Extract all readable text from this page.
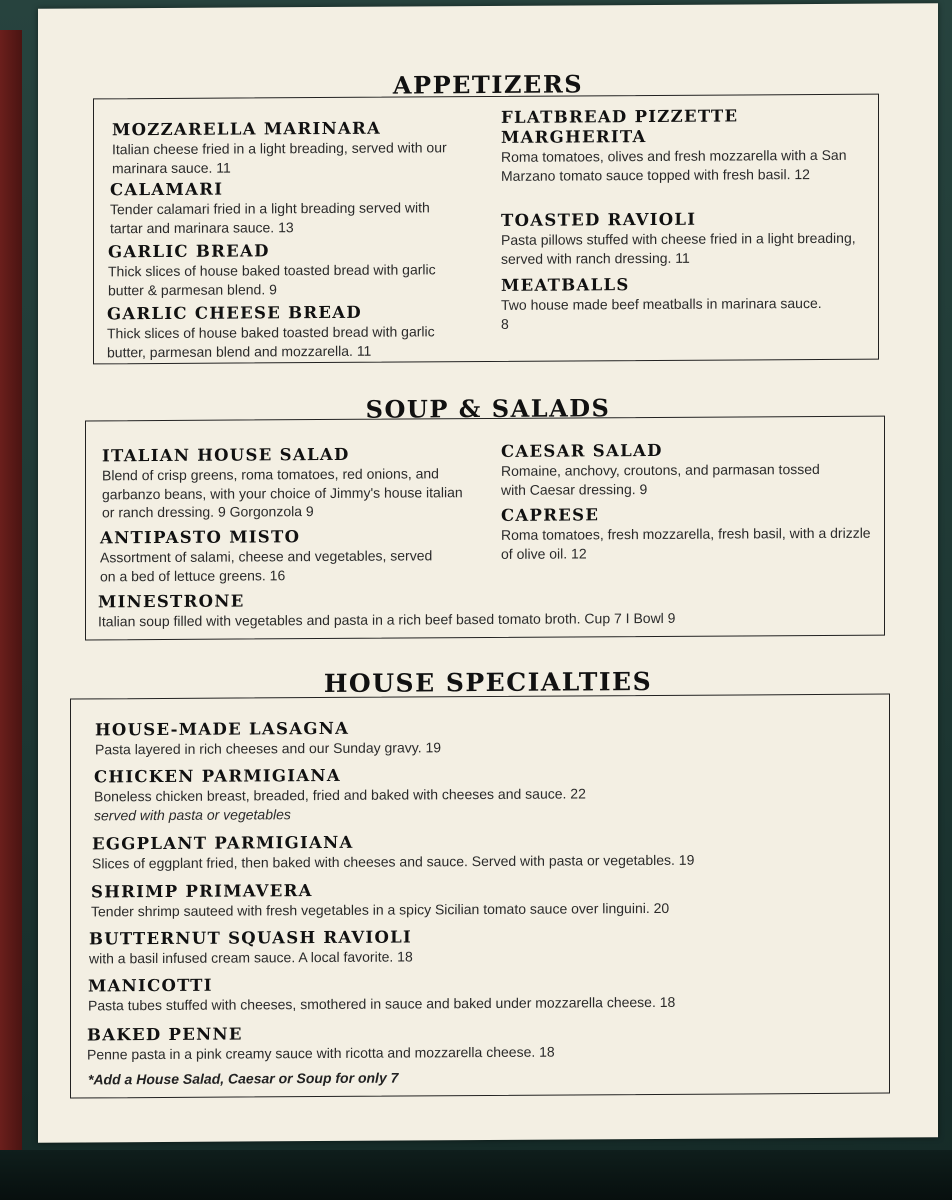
APPETIZERS
MOZZARELLA MARINARA
Italian cheese fried in a light breading, served with our marinara sauce. 11
CALAMARI
Tender calamari fried in a light breading served with tartar and marinara sauce. 13
GARLIC BREAD
Thick slices of house baked toasted bread with garlic butter & parmesan blend. 9
GARLIC CHEESE BREAD
Thick slices of house baked toasted bread with garlic butter, parmesan blend and mozzarella. 11
FLATBREAD PIZZETTE MARGHERITA
Roma tomatoes, olives and fresh mozzarella with a San Marzano tomato sauce topped with fresh basil. 12
TOASTED RAVIOLI
Pasta pillows stuffed with cheese fried in a light breading, served with ranch dressing. 11
MEATBALLS
Two house made beef meatballs in marinara sauce. 8
SOUP & SALADS
ITALIAN HOUSE SALAD
Blend of crisp greens, roma tomatoes, red onions, and garbanzo beans, with your choice of Jimmy's house italian or ranch dressing. 9 Gorgonzola 9
ANTIPASTO MISTO
Assortment of salami, cheese and vegetables, served on a bed of lettuce greens. 16
CAESAR SALAD
Romaine, anchovy, croutons, and parmasan tossed with Caesar dressing. 9
CAPRESE
Roma tomatoes, fresh mozzarella, fresh basil, with a drizzle of olive oil. 12
MINESTRONE
Italian soup filled with vegetables and pasta in a rich beef based tomato broth. Cup 7 I Bowl 9
HOUSE SPECIALTIES
HOUSE-MADE LASAGNA
Pasta layered in rich cheeses and our Sunday gravy. 19
CHICKEN PARMIGIANA
Boneless chicken breast, breaded, fried and baked with cheeses and sauce. 22
served with pasta or vegetables
EGGPLANT PARMIGIANA
Slices of eggplant fried, then baked with cheeses and sauce. Served with pasta or vegetables. 19
SHRIMP PRIMAVERA
Tender shrimp sauteed with fresh vegetables in a spicy Sicilian tomato sauce over linguini. 20
BUTTERNUT SQUASH RAVIOLI
with a basil infused cream sauce. A local favorite. 18
MANICOTTI
Pasta tubes stuffed with cheeses, smothered in sauce and baked under mozzarella cheese. 18
BAKED PENNE
Penne pasta in a pink creamy sauce with ricotta and mozzarella cheese. 18
*Add a House Salad, Caesar or Soup for only 7
